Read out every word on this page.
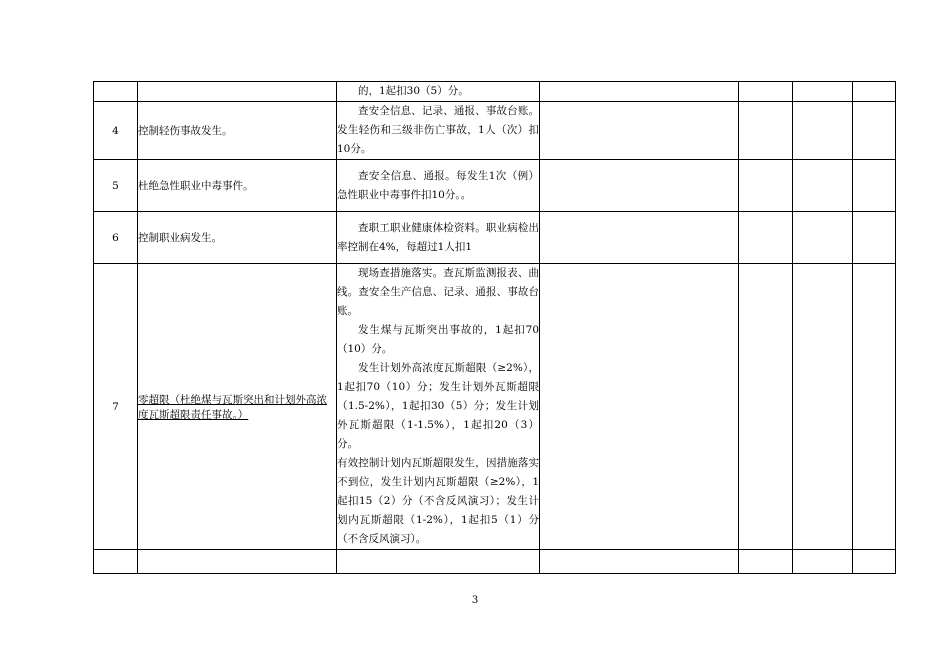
		的，1起扣30（5）分。				

4	控制轻伤事故发生。	查安全信息、记录、通报、事故台账。发生轻伤和三级非伤亡事故，1人（次）扣10分。				

5	杜绝急性职业中毒事件。	查安全信息、通报。每发生1次（例）急性职业中毒事件扣10分。。				

6	控制职业病发生。	查职工职业健康体检资料。职业病检出率控制在4%，每超过1人扣1				

7	零超限（杜绝煤与瓦斯突出和计划外高浓度瓦斯超限责任事故。）	现场查措施落实。查瓦斯监测报表、曲线。查安全生产信息、记录、通报、事故台账。

发生煤与瓦斯突出事故的，1起扣70（10）分。

发生计划外高浓度瓦斯超限（≥2%），1起扣70（10）分；发生计划外瓦斯超限（1.5-2%），1起扣30（5）分；发生计划外瓦斯超限（1-1.5%），1起扣20（3）分。

有效控制计划内瓦斯超限发生，因措施落实不到位，发生计划内瓦斯超限（≥2%），1起扣15（2）分（不含反风演习）；发生计划内瓦斯超限（1-2%），1起扣5（1）分（不含反风演习）。				

3
